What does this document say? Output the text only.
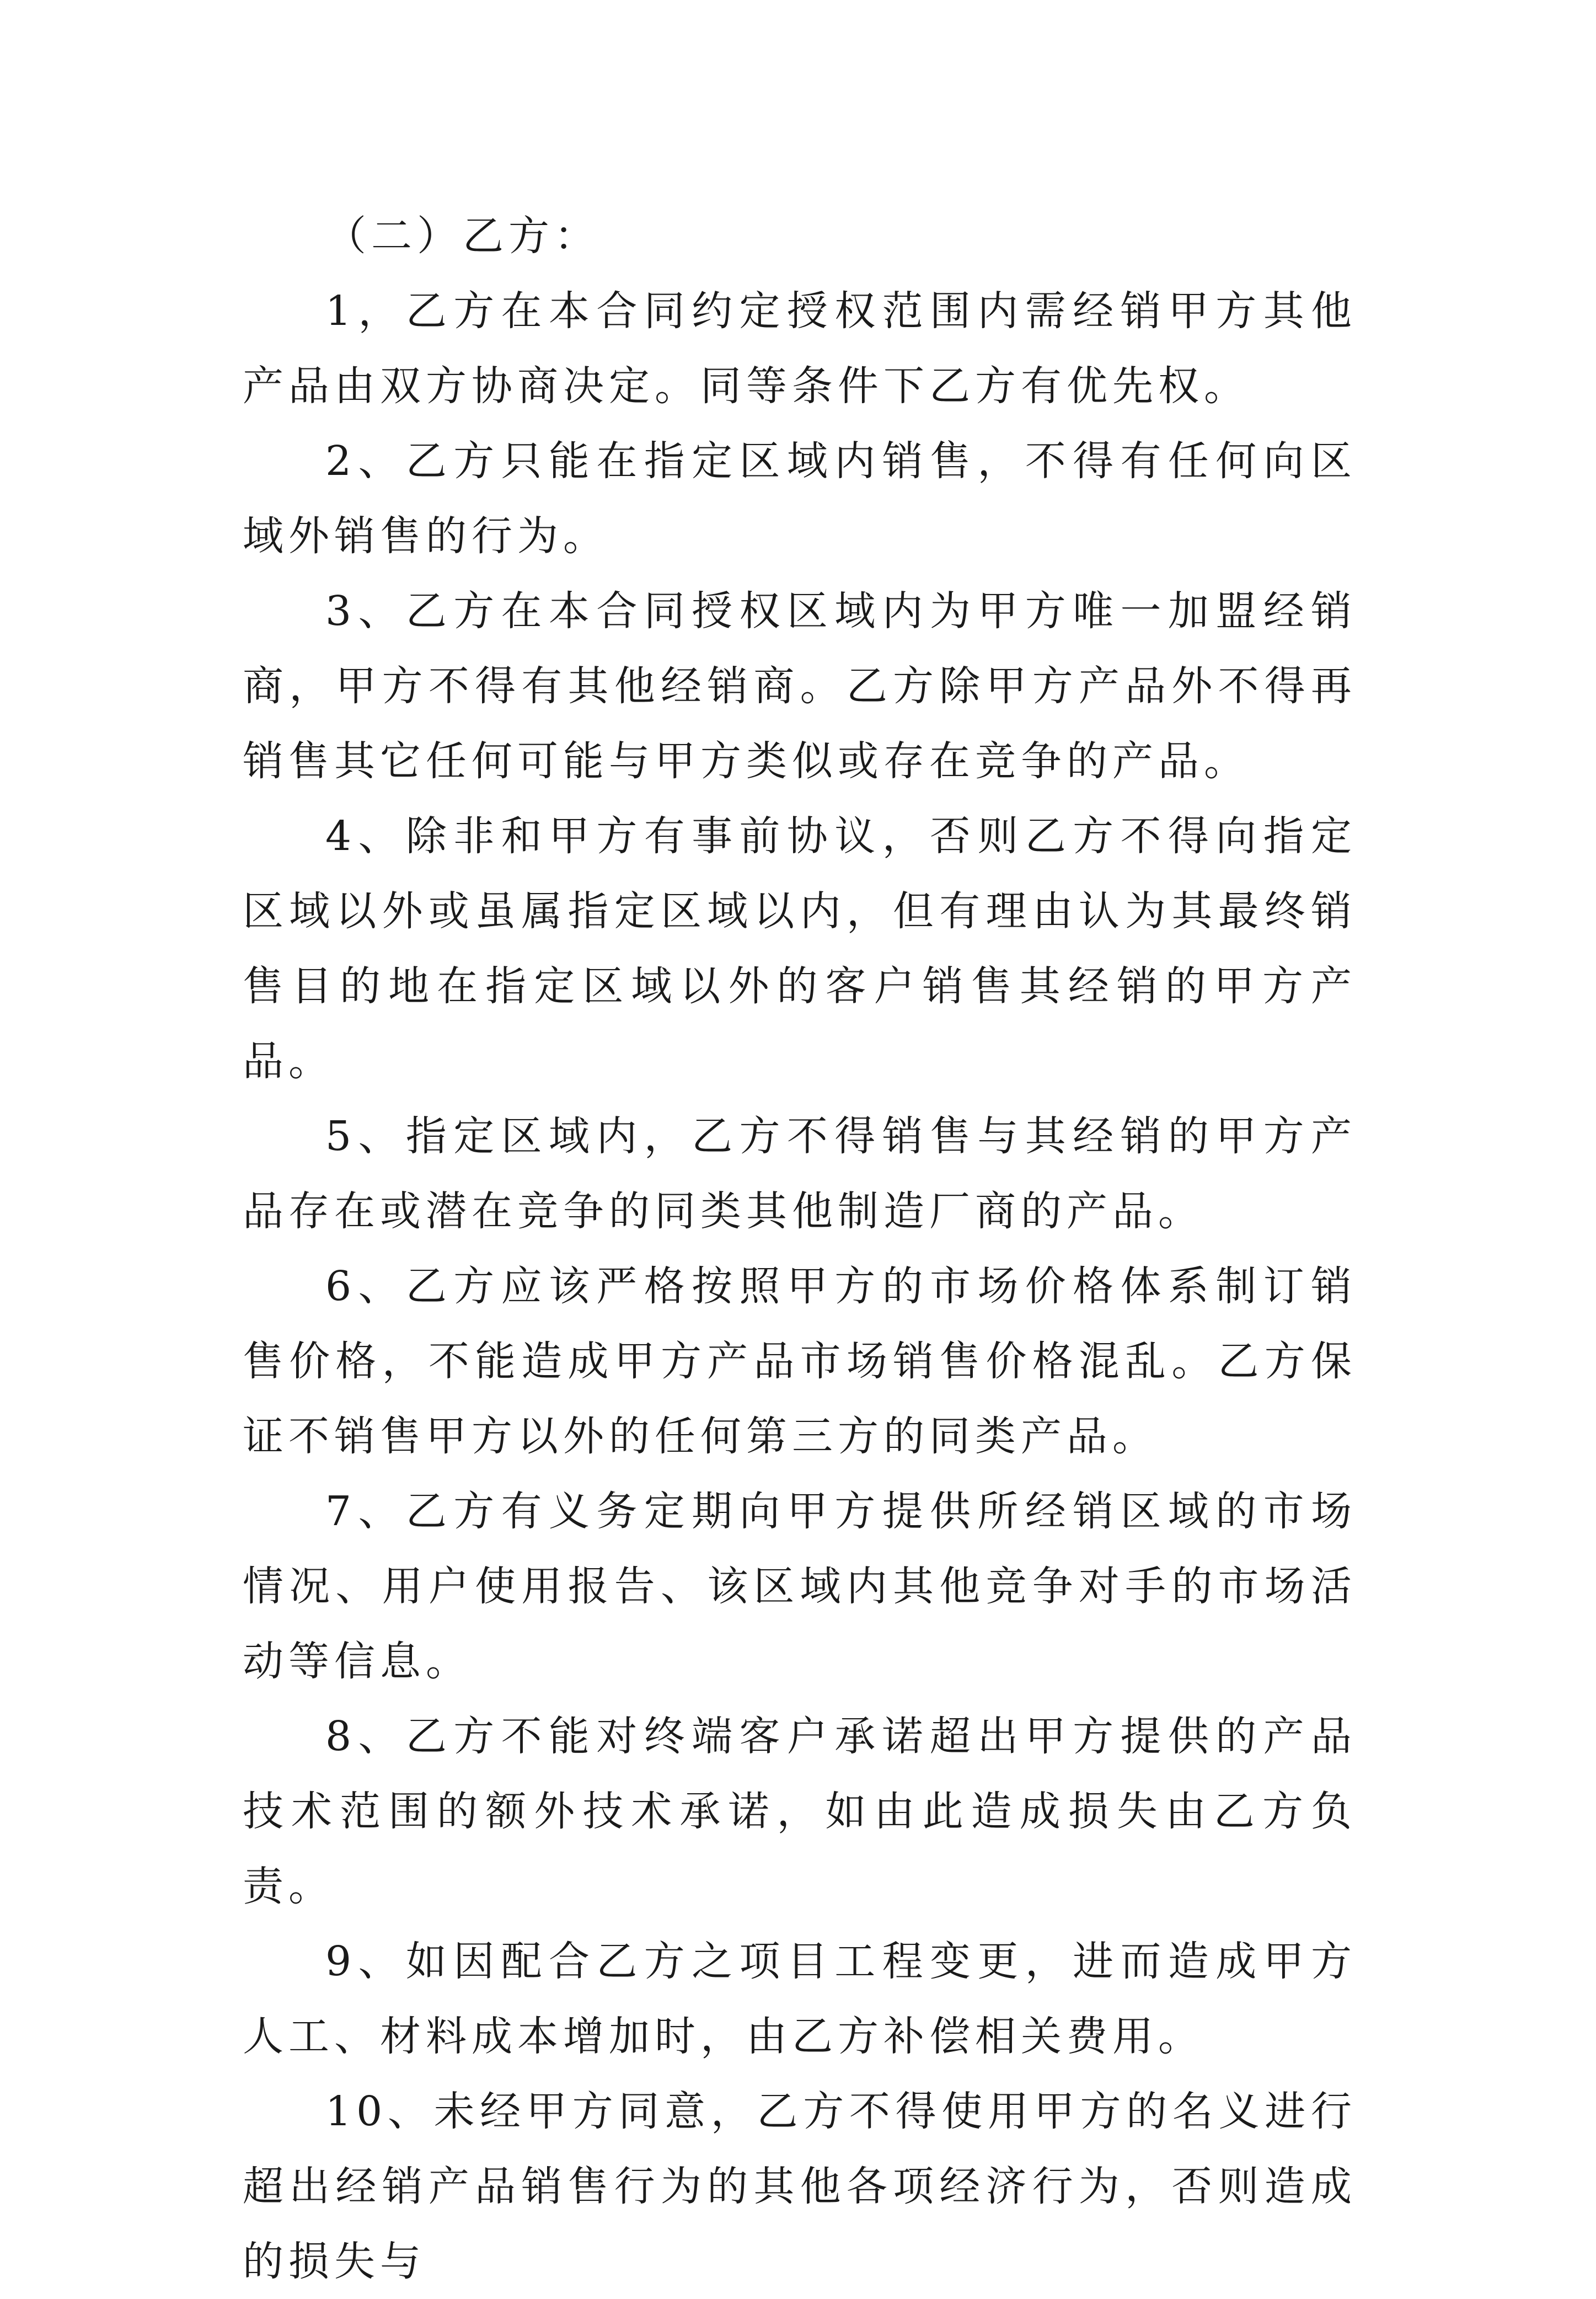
（二）乙方：

1，乙方在本合同约定授权范围内需经销甲方其他产品由双方协商决定。同等条件下乙方有优先权。

2、乙方只能在指定区域内销售，不得有任何向区域外销售的行为。

3、乙方在本合同授权区域内为甲方唯一加盟经销商，甲方不得有其他经销商。乙方除甲方产品外不得再销售其它任何可能与甲方类似或存在竞争的产品。

4、除非和甲方有事前协议，否则乙方不得向指定区域以外或虽属指定区域以内，但有理由认为其最终销售目的地在指定区域以外的客户销售其经销的甲方产品。

5、指定区域内，乙方不得销售与其经销的甲方产品存在或潜在竞争的同类其他制造厂商的产品。

6、乙方应该严格按照甲方的市场价格体系制订销售价格，不能造成甲方产品市场销售价格混乱。乙方保证不销售甲方以外的任何第三方的同类产品。

7、乙方有义务定期向甲方提供所经销区域的市场情况、用户使用报告、该区域内其他竞争对手的市场活动等信息。

8、乙方不能对终端客户承诺超出甲方提供的产品技术范围的额外技术承诺，如由此造成损失由乙方负责。

9、如因配合乙方之项目工程变更，进而造成甲方人工、材料成本增加时，由乙方补偿相关费用。

10、未经甲方同意，乙方不得使用甲方的名义进行超出经销产品销售行为的其他各项经济行为，否则造成的损失与
